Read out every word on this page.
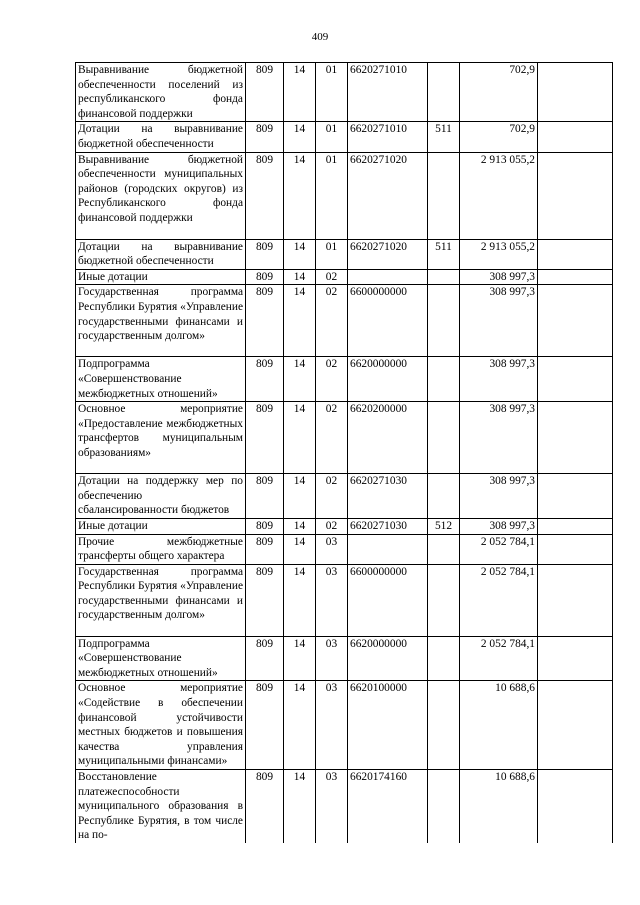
409
Выравнивание бюджетной обеспеченности поселений из республиканского фонда финансовой поддержки	809	14	01	6620271010		702,9	
Дотации на выравнивание бюджетной обеспеченности	809	14	01	6620271010	511	702,9	
Выравнивание бюджетной обеспеченности муниципальных районов (городских округов) из Республиканского фонда финансовой поддержки	809	14	01	6620271020		2 913 055,2	
Дотации на выравнивание бюджетной обеспеченности	809	14	01	6620271020	511	2 913 055,2	
Иные дотации	809	14	02			308 997,3	
Государственная программа Республики Бурятия «Управление государственными финансами и государственным долгом»	809	14	02	6600000000		308 997,3	
Подпрограмма «Совершенствование межбюджетных отношений»	809	14	02	6620000000		308 997,3	
Основное мероприятие «Предоставление межбюджетных трансфертов муниципальным образованиям»	809	14	02	6620200000		308 997,3	
Дотации на поддержку мер по обеспечению сбалансированности бюджетов	809	14	02	6620271030		308 997,3	
Иные дотации	809	14	02	6620271030	512	308 997,3	
Прочие межбюджетные трансферты общего характера	809	14	03			2 052 784,1	
Государственная программа Республики Бурятия «Управление государственными финансами и государственным долгом»	809	14	03	6600000000		2 052 784,1	
Подпрограмма «Совершенствование межбюджетных отношений»	809	14	03	6620000000		2 052 784,1	
Основное мероприятие «Содействие в обеспечении финансовой устойчивости местных бюджетов и повышения качества управления муниципальными финансами»	809	14	03	6620100000		10 688,6	
Восстановление платежеспособности муниципального образования в Республике Бурятия, в том числе на по-	809	14	03	6620174160		10 688,6	
